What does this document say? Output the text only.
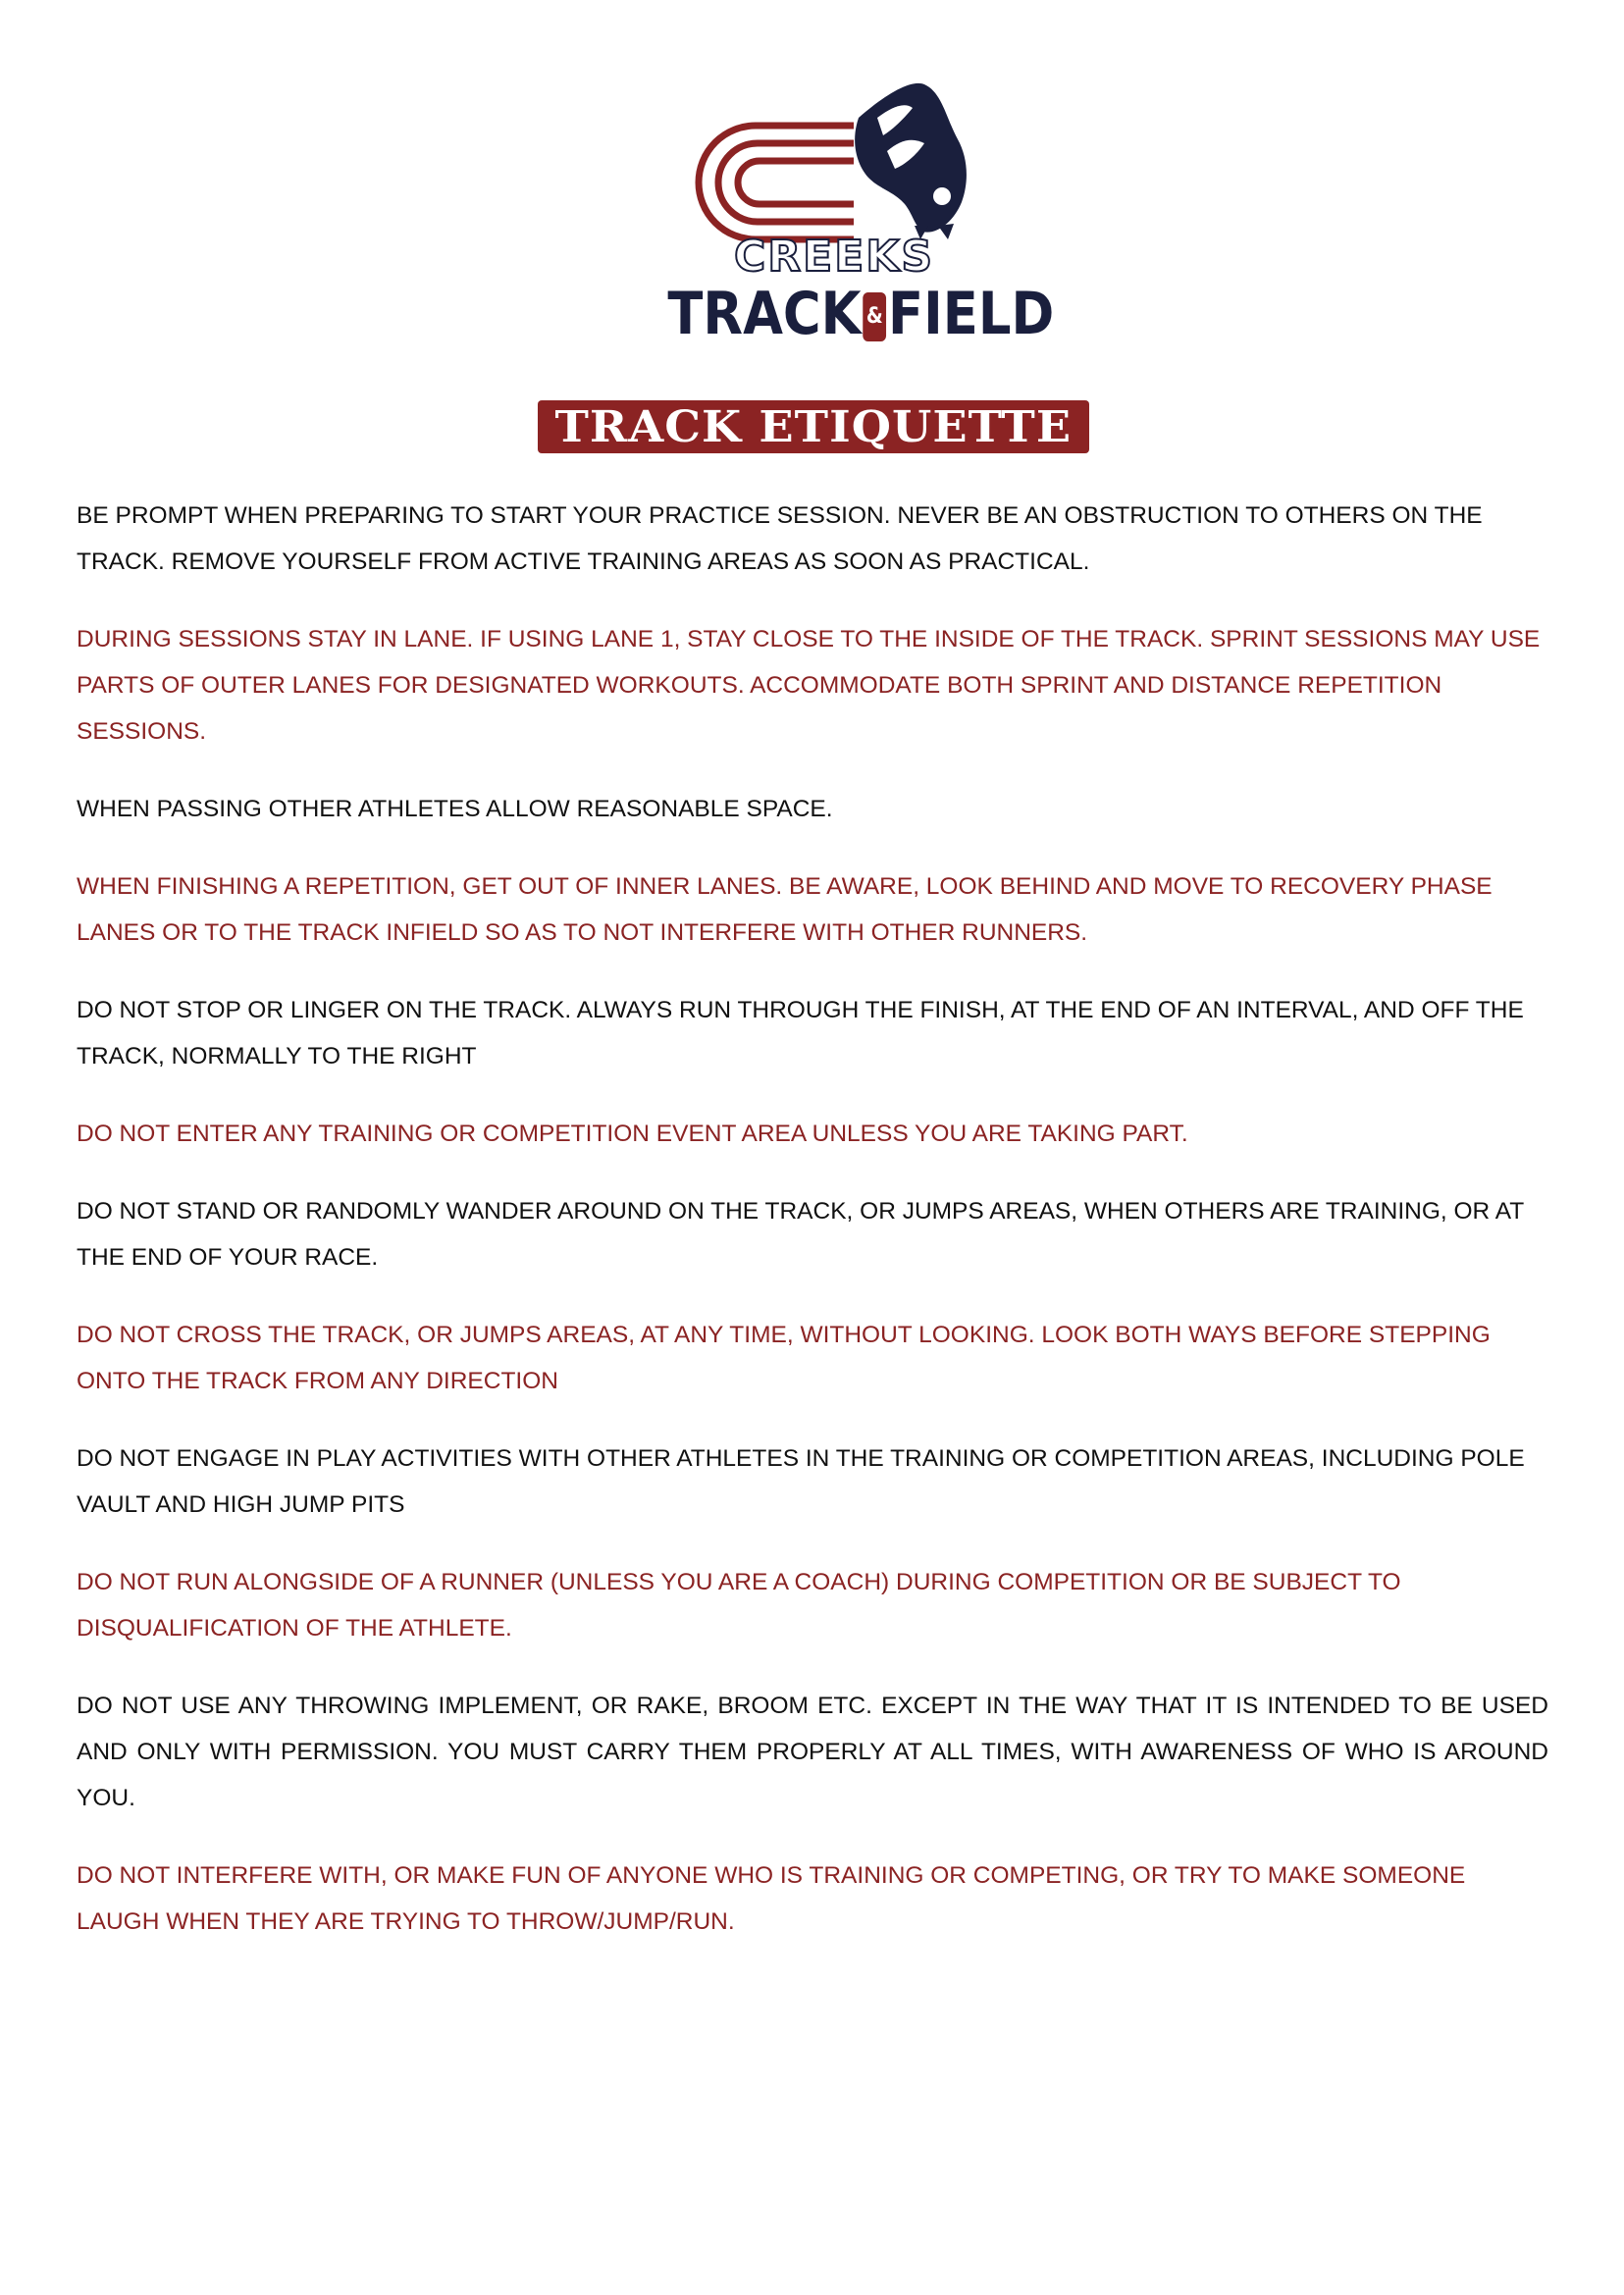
CREEKS
TRACK &FIELD
TRACK ETIQUETTE

BE PROMPT WHEN PREPARING TO START YOUR PRACTICE SESSION. NEVER BE AN OBSTRUCTION TO OTHERS ON THE TRACK. REMOVE YOURSELF FROM ACTIVE TRAINING AREAS AS SOON AS PRACTICAL.

DURING SESSIONS STAY IN LANE. IF USING LANE 1, STAY CLOSE TO THE INSIDE OF THE TRACK. SPRINT SESSIONS MAY USE PARTS OF OUTER LANES FOR DESIGNATED WORKOUTS. ACCOMMODATE BOTH SPRINT AND DISTANCE REPETITION SESSIONS.

WHEN PASSING OTHER ATHLETES ALLOW REASONABLE SPACE.

WHEN FINISHING A REPETITION, GET OUT OF INNER LANES. BE AWARE, LOOK BEHIND AND MOVE TO RECOVERY PHASE LANES OR TO THE TRACK INFIELD SO AS TO NOT INTERFERE WITH OTHER RUNNERS.

DO NOT STOP OR LINGER ON THE TRACK. ALWAYS RUN THROUGH THE FINISH, AT THE END OF AN INTERVAL, AND OFF THE TRACK, NORMALLY TO THE RIGHT

DO NOT ENTER ANY TRAINING OR COMPETITION EVENT AREA UNLESS YOU ARE TAKING PART.

DO NOT STAND OR RANDOMLY WANDER AROUND ON THE TRACK, OR JUMPS AREAS, WHEN OTHERS ARE TRAINING, OR AT THE END OF YOUR RACE.

DO NOT CROSS THE TRACK, OR JUMPS AREAS, AT ANY TIME, WITHOUT LOOKING. LOOK BOTH WAYS BEFORE STEPPING ONTO THE TRACK FROM ANY DIRECTION

DO NOT ENGAGE IN PLAY ACTIVITIES WITH OTHER ATHLETES IN THE TRAINING OR COMPETITION AREAS, INCLUDING POLE VAULT AND HIGH JUMP PITS

DO NOT RUN ALONGSIDE OF A RUNNER (UNLESS YOU ARE A COACH) DURING COMPETITION OR BE SUBJECT TO DISQUALIFICATION OF THE ATHLETE.

DO NOT USE ANY THROWING IMPLEMENT, OR RAKE, BROOM ETC. EXCEPT IN THE WAY THAT IT IS INTENDED TO BE USED AND ONLY WITH PERMISSION. YOU MUST CARRY THEM PROPERLY AT ALL TIMES, WITH AWARENESS OF WHO IS AROUND YOU.

DO NOT INTERFERE WITH, OR MAKE FUN OF ANYONE WHO IS TRAINING OR COMPETING, OR TRY TO MAKE SOMEONE LAUGH WHEN THEY ARE TRYING TO THROW/JUMP/RUN.
